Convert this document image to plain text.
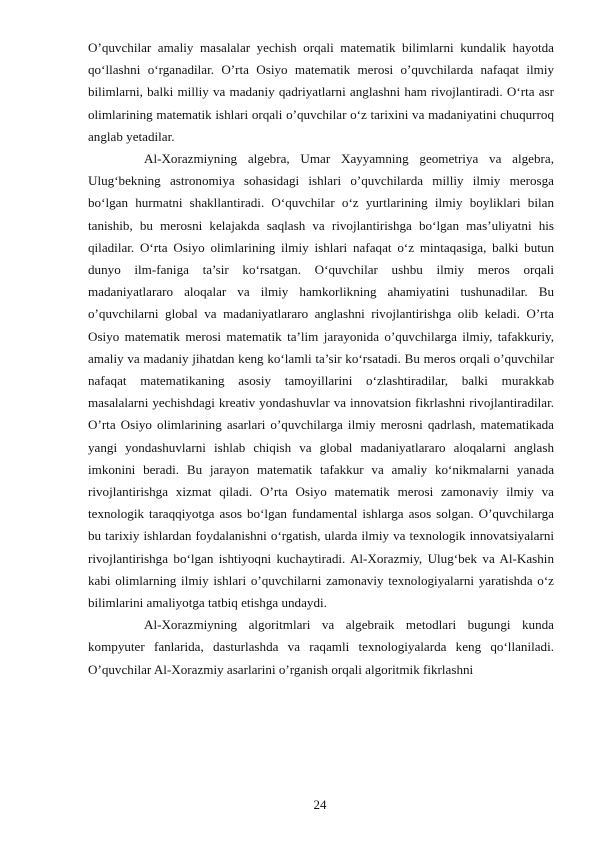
O’quvchilar amaliy masalalar yechish orqali matematik bilimlarni kundalik hayotda qo‘llashni o‘rganadilar. O’rta Osiyo matematik merosi o’quvchilarda nafaqat ilmiy bilimlarni, balki milliy va madaniy qadriyatlarni anglashni ham rivojlantiradi. O‘rta asr olimlarining matematik ishlari orqali o’quvchilar o‘z tarixini va madaniyatini chuqurroq anglab yetadilar.

Al-Xorazmiyning algebra, Umar Xayyamning geometriya va algebra, Ulug‘bekning astronomiya sohasidagi ishlari o’quvchilarda milliy ilmiy merosga bo‘lgan hurmatni shakllantiradi. O‘quvchilar o‘z yurtlarining ilmiy boyliklari bilan tanishib, bu merosni kelajakda saqlash va rivojlantirishga bo‘lgan mas’uliyatni his qiladilar. O‘rta Osiyo olimlarining ilmiy ishlari nafaqat o‘z mintaqasiga, balki butun dunyo ilm-faniga ta’sir ko‘rsatgan. O‘quvchilar ushbu ilmiy meros orqali madaniyatlararo aloqalar va ilmiy hamkorlikning ahamiyatini tushunadilar. Bu o’quvchilarni global va madaniyatlararo anglashni rivojlantirishga olib keladi. O’rta Osiyo matematik merosi matematik ta’lim jarayonida o’quvchilarga ilmiy, tafakkuriy, amaliy va madaniy jihatdan keng ko‘lamli ta’sir ko‘rsatadi. Bu meros orqali o’quvchilar nafaqat matematikaning asosiy tamoyillarini o‘zlashtiradilar, balki murakkab masalalarni yechishdagi kreativ yondashuvlar va innovatsion fikrlashni rivojlantiradilar. O’rta Osiyo olimlarining asarlari o’quvchilarga ilmiy merosni qadrlash, matematikada yangi yondashuvlarni ishlab chiqish va global madaniyatlararo aloqalarni anglash imkonini beradi. Bu jarayon matematik tafakkur va amaliy ko‘nikmalarni yanada rivojlantirishga xizmat qiladi. O’rta Osiyo matematik merosi zamonaviy ilmiy va texnologik taraqqiyotga asos bo‘lgan fundamental ishlarga asos solgan. O’quvchilarga bu tarixiy ishlardan foydalanishni o‘rgatish, ularda ilmiy va texnologik innovatsiyalarni rivojlantirishga bo‘lgan ishtiyoqni kuchaytiradi. Al-Xorazmiy, Ulug‘bek va Al-Kashin kabi olimlarning ilmiy ishlari o’quvchilarni zamonaviy texnologiyalarni yaratishda o‘z bilimlarini amaliyotga tatbiq etishga undaydi.

Al-Xorazmiyning algoritmlari va algebraik metodlari bugungi kunda kompyuter fanlarida, dasturlashda va raqamli texnologiyalarda keng qo‘llaniladi. O’quvchilar Al-Xorazmiy asarlarini o’rganish orqali algoritmik fikrlashni

24
